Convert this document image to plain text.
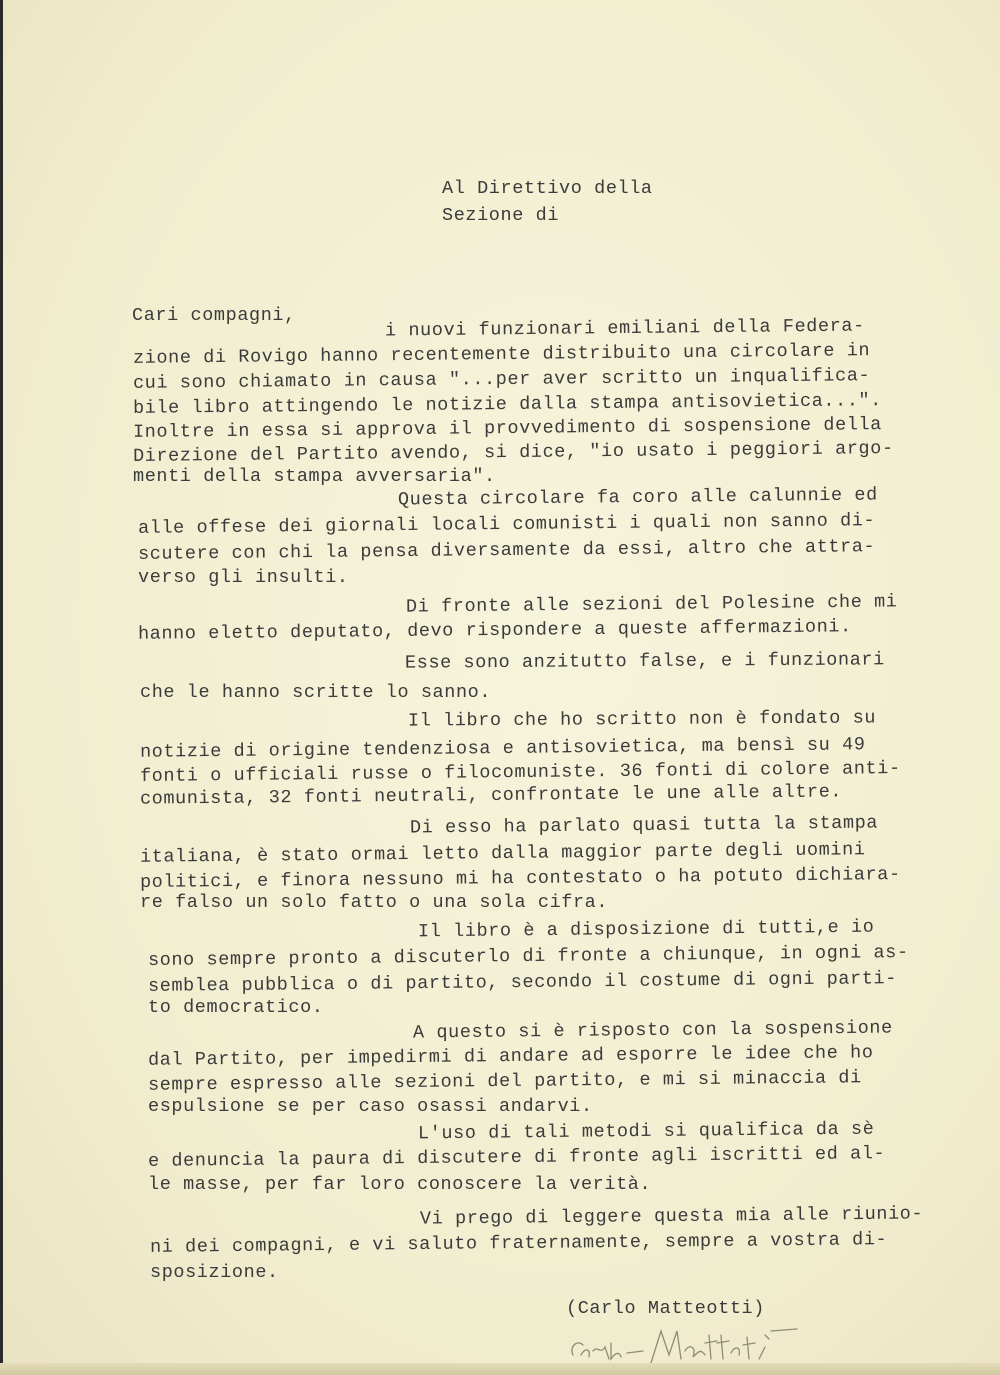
Al Direttivo della
Sezione di
Cari compagni,	i nuovi funzionari emiliani della Federa-
zione di Rovigo hanno recentemente distribuito una circolare in
cui sono chiamato in causa "...per aver scritto un inqualifica-
bile libro attingendo le notizie dalla stampa antisovietica...".
Inoltre in essa si approva il provvedimento di sospensione della
Direzione del Partito avendo, si dice, "io usato i peggiori argo-
menti della stampa avversaria".
Questa circolare fa coro alle calunnie ed
alle offese dei giornali locali comunisti i quali non sanno di-
scutere con chi la pensa diversamente da essi, altro che attra-
verso gli insulti.
Di fronte alle sezioni del Polesine che mi
hanno eletto deputato, devo rispondere a queste affermazioni.
Esse sono anzitutto false, e i funzionari
che le hanno scritte lo sanno.
Il libro che ho scritto non è fondato su
notizie di origine tendenziosa e antisovietica, ma bensì su 49
fonti o ufficiali russe o filocomuniste. 36 fonti di colore anti-
comunista, 32 fonti neutrali, confrontate le une alle altre.
Di esso ha parlato quasi tutta la stampa
italiana, è stato ormai letto dalla maggior parte degli uomini
politici, e finora nessuno mi ha contestato o ha potuto dichiara-
re falso un solo fatto o una sola cifra.
Il libro è a disposizione di tutti,e io
sono sempre pronto a discuterlo di fronte a chiunque, in ogni as-
semblea pubblica o di partito, secondo il costume di ogni parti-
to democratico.
A questo si è risposto con la sospensione
dal Partito, per impedirmi di andare ad esporre le idee che ho
sempre espresso alle sezioni del partito, e mi si minaccia di
espulsione se per caso osassi andarvi.
L'uso di tali metodi si qualifica da sè
e denuncia la paura di discutere di fronte agli iscritti ed al-
le masse, per far loro conoscere la verità.
Vi prego di leggere questa mia alle riunio-
ni dei compagni, e vi saluto fraternamente, sempre a vostra di-
sposizione.
(Carlo Matteotti)
